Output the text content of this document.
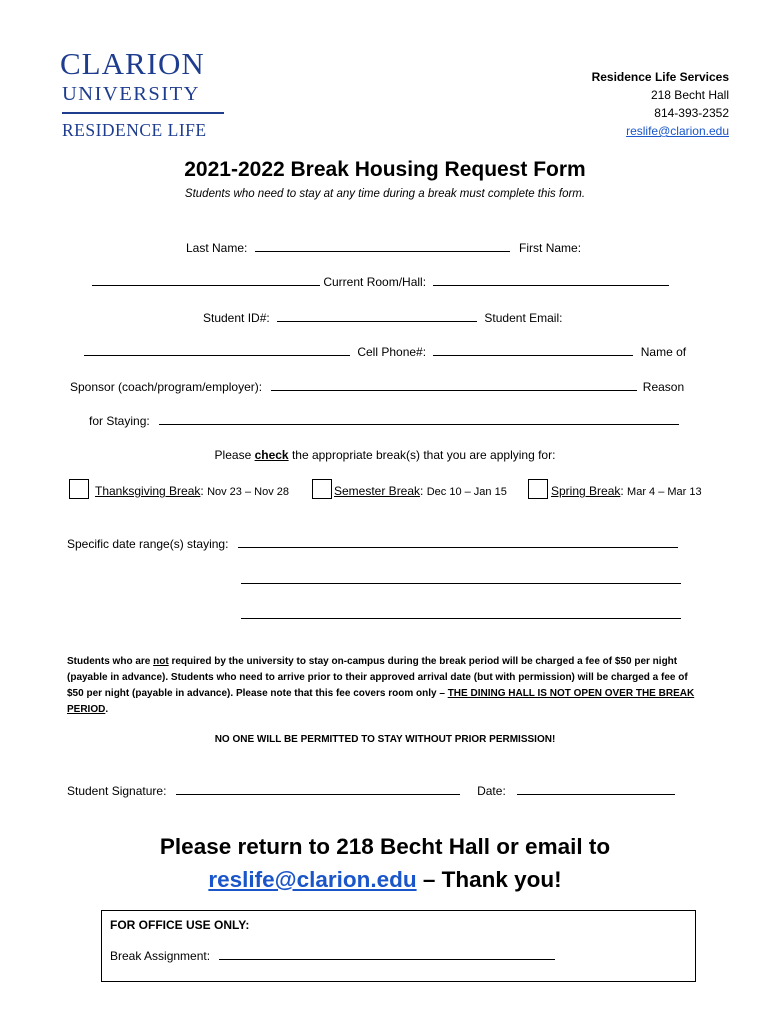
CLARION
UNIVERSITY
RESIDENCE LIFE
Residence Life Services
218 Becht Hall
814-393-2352
reslife@clarion.edu
2021-2022 Break Housing Request Form
Students who need to stay at any time during a break must complete this form.
Last Name:	First Name:
Current Room/Hall:
Student ID#:	Student Email:
Cell Phone#:	Name of
Sponsor (coach/program/employer):	Reason
for Staying:
Please check the appropriate break(s) that you are applying for:
Thanksgiving Break: Nov 23 – Nov 28	Semester Break: Dec 10 – Jan 15	Spring Break: Mar 4 – Mar 13
Specific date range(s) staying:
Students who are not required by the university to stay on-campus during the break period will be charged a fee of $50 per night (payable in advance). Students who need to arrive prior to their approved arrival date (but with permission) will be charged a fee of $50 per night (payable in advance). Please note that this fee covers room only – THE DINING HALL IS NOT OPEN OVER THE BREAK PERIOD.
NO ONE WILL BE PERMITTED TO STAY WITHOUT PRIOR PERMISSION!
Student Signature:	Date:
Please return to 218 Becht Hall or email to
reslife@clarion.edu – Thank you!
FOR OFFICE USE ONLY:
Break Assignment:
